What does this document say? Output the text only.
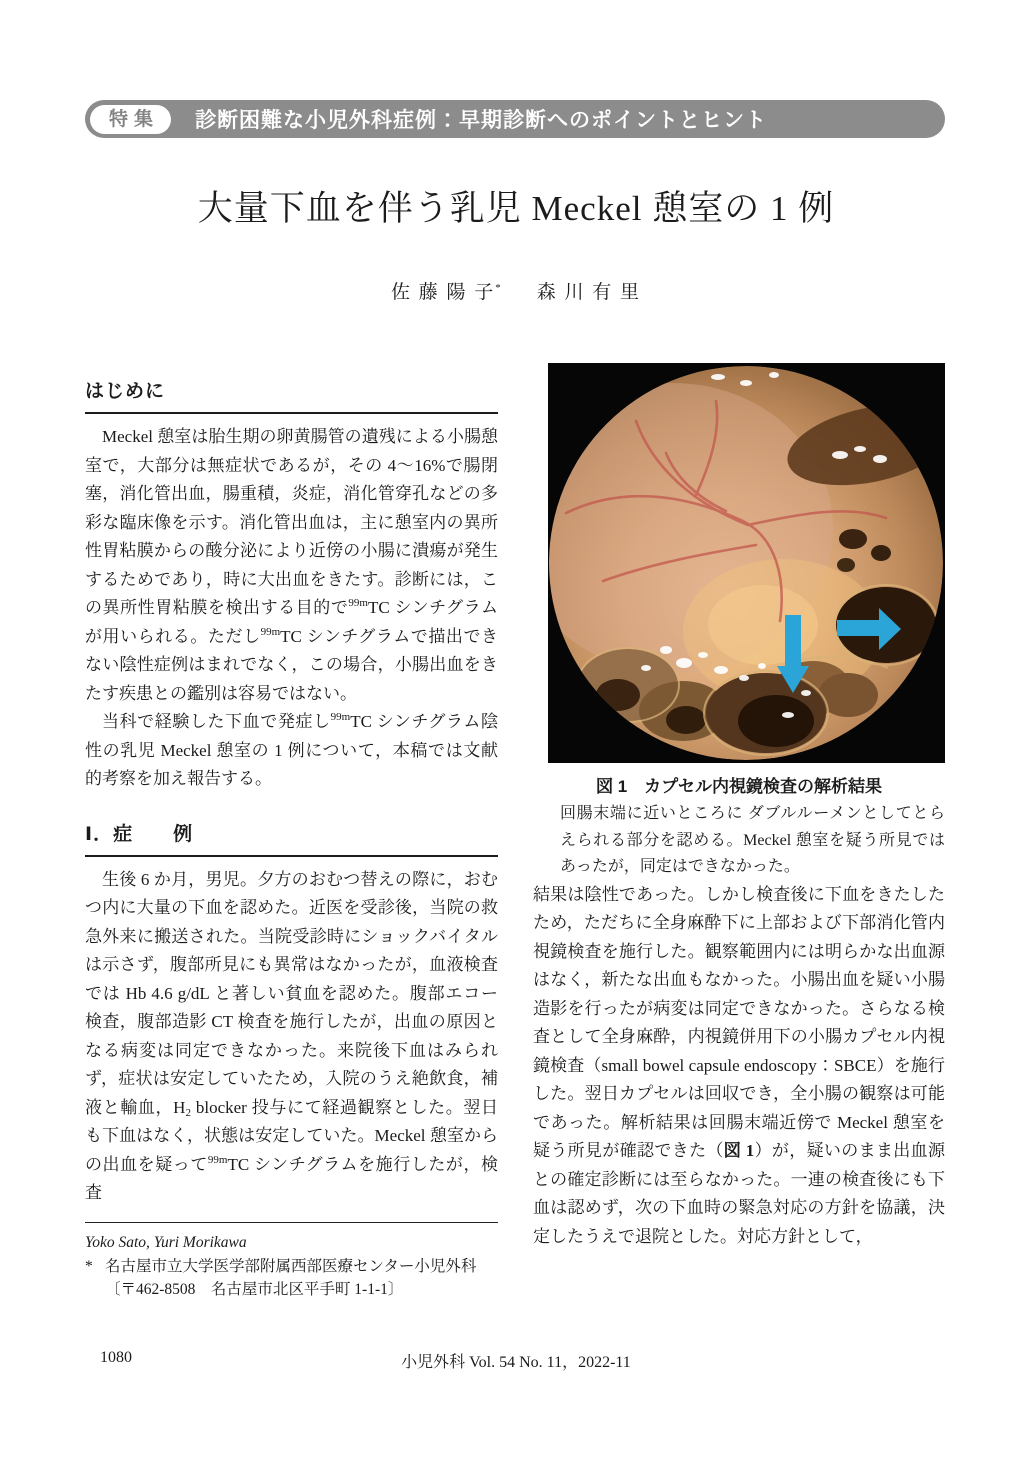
特集	診断困難な小児外科症例：早期診断へのポイントとヒント
大量下血を伴う乳児 Meckel 憩室の 1 例
佐 藤 陽 子* 森 川 有 里
はじめに

Meckel 憩室は胎生期の卵黄腸管の遺残による小腸憩室で，大部分は無症状であるが，その 4～16%で腸閉塞，消化管出血，腸重積，炎症，消化管穿孔などの多彩な臨床像を示す。消化管出血は，主に憩室内の異所性胃粘膜からの酸分泌により近傍の小腸に潰瘍が発生するためであり，時に大出血をきたす。診断には，この異所性胃粘膜を検出する目的で$^{99m}$TC シンチグラムが用いられる。ただし$^{99m}$TC シンチグラムで描出できない陰性症例はまれでなく，この場合，小腸出血をきたす疾患との鑑別は容易ではない。

当科で経験した下血で発症し$^{99m}$TC シンチグラム陰性の乳児 Meckel 憩室の 1 例について，本稿では文献的考察を加え報告する。

Ⅰ．症　　例

生後 6 か月，男児。夕方のおむつ替えの際に，おむつ内に大量の下血を認めた。近医を受診後，当院の救急外来に搬送された。当院受診時にショックバイタルは示さず，腹部所見にも異常はなかったが，血液検査では Hb 4.6 g/dL と著しい貧血を認めた。腹部エコー検査，腹部造影 CT 検査を施行したが，出血の原因となる病変は同定できなかった。来院後下血はみられず，症状は安定していたため，入院のうえ絶飲食，補液と輸血，$H_2$ blocker 投与にて経過観察とした。翌日も下血はなく，状態は安定していた。Meckel 憩室からの出血を疑って$^{99m}$TC シンチグラムを施行したが，検査

図 1　カプセル内視鏡検査の解析結果

回腸末端に近いところに ダブルルーメンとしてとらえられる部分を認める。Meckel 憩室を疑う所見ではあったが，同定はできなかった。

結果は陰性であった。しかし検査後に下血をきたしたため，ただちに全身麻酔下に上部および下部消化管内視鏡検査を施行した。観察範囲内には明らかな出血源はなく，新たな出血もなかった。小腸出血を疑い小腸造影を行ったが病変は同定できなかった。さらなる検査として全身麻酔，内視鏡併用下の小腸カプセル内視鏡検査（small bowel capsule endoscopy：SBCE）を施行した。翌日カプセルは回収でき，全小腸の観察は可能であった。解析結果は回腸末端近傍で Meckel 憩室を疑う所見が確認できた（図 1）が，疑いのまま出血源との確定診断には至らなかった。一連の検査後にも下血は認めず，次の下血時の緊急対応の方針を協議，決定したうえで退院とした。対応方針として，

Yoko Sato, Yuri Morikawa
* 名古屋市立大学医学部附属西部医療センター小児外科
〔〒462-8508　名古屋市北区平手町 1-1-1〕
1080	小児外科 Vol. 54 No. 11，2022-11
